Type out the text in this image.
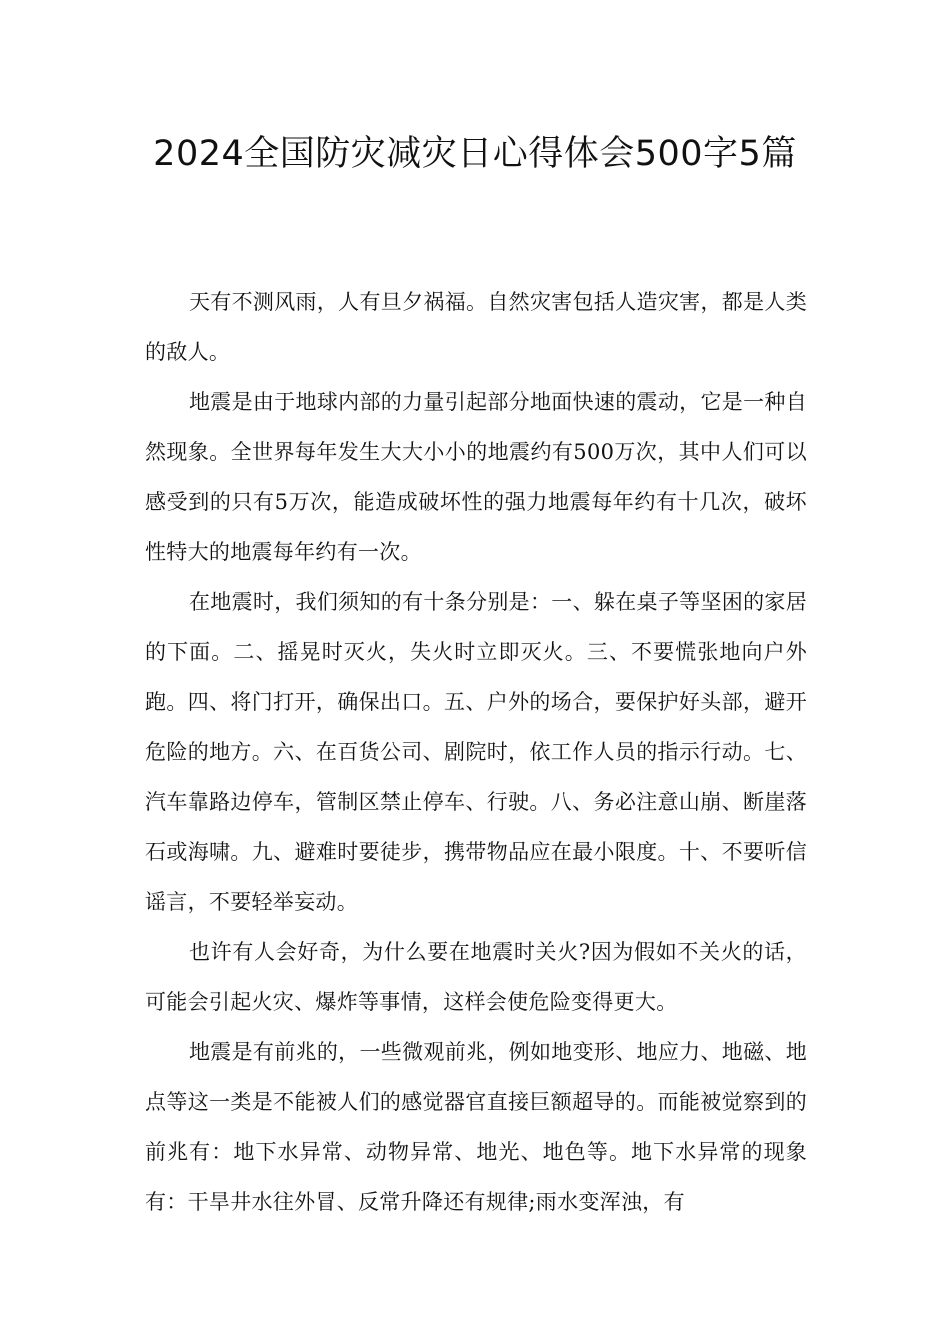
2024全国防灾减灾日心得体会500字5篇

天有不测风雨，人有旦夕祸福。自然灾害包括人造灾害，都是人类的敌人。

地震是由于地球内部的力量引起部分地面快速的震动，它是一种自然现象。全世界每年发生大大小小的地震约有500万次，其中人们可以感受到的只有5万次，能造成破坏性的强力地震每年约有十几次，破坏性特大的地震每年约有一次。

在地震时，我们须知的有十条分别是：一、躲在桌子等坚困的家居的下面。二、摇晃时灭火，失火时立即灭火。三、不要慌张地向户外跑。四、将门打开，确保出口。五、户外的场合，要保护好头部，避开危险的地方。六、在百货公司、剧院时，依工作人员的指示行动。七、汽车靠路边停车，管制区禁止停车、行驶。八、务必注意山崩、断崖落石或海啸。九、避难时要徒步，携带物品应在最小限度。十、不要听信谣言，不要轻举妄动。

也许有人会好奇，为什么要在地震时关火?因为假如不关火的话，可能会引起火灾、爆炸等事情，这样会使危险变得更大。

地震是有前兆的，一些微观前兆，例如地变形、地应力、地磁、地点等这一类是不能被人们的感觉器官直接巨额超导的。而能被觉察到的前兆有：地下水异常、动物异常、地光、地色等。地下水异常的现象有：干旱井水往外冒、反常升降还有规律;雨水变浑浊，有
